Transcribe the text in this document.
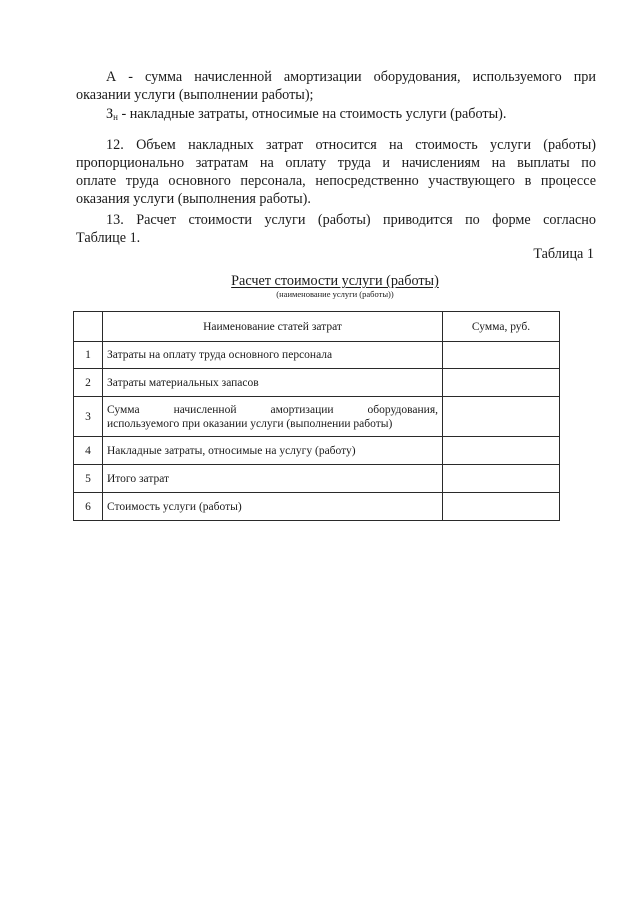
А - сумма начисленной амортизации оборудования, используемого при
оказании услуги (выполнении работы);
$З_н$ - накладные затраты, относимые на стоимость услуги (работы).
12. Объем накладных затрат относится на стоимость услуги (работы)
пропорционально затратам на оплату труда и начислениям на выплаты по
оплате труда основного персонала, непосредственно участвующего в процессе
оказания услуги (выполнения работы).
13. Расчет стоимости услуги (работы) приводится по форме согласно
Таблице 1.
Таблица 1
Расчет стоимости услуги (работы)
(наименование услуги (работы))
	Наименование статей затрат	Сумма, руб.
1	Затраты на оплату труда основного персонала	
2	Затраты материальных запасов	
3	Сумма начисленной амортизации оборудования,
используемого при оказании услуги (выполнении работы)	

4	Накладные затраты, относимые на услугу (работу)	
5	Итого затрат	
6	Стоимость услуги (работы)	
